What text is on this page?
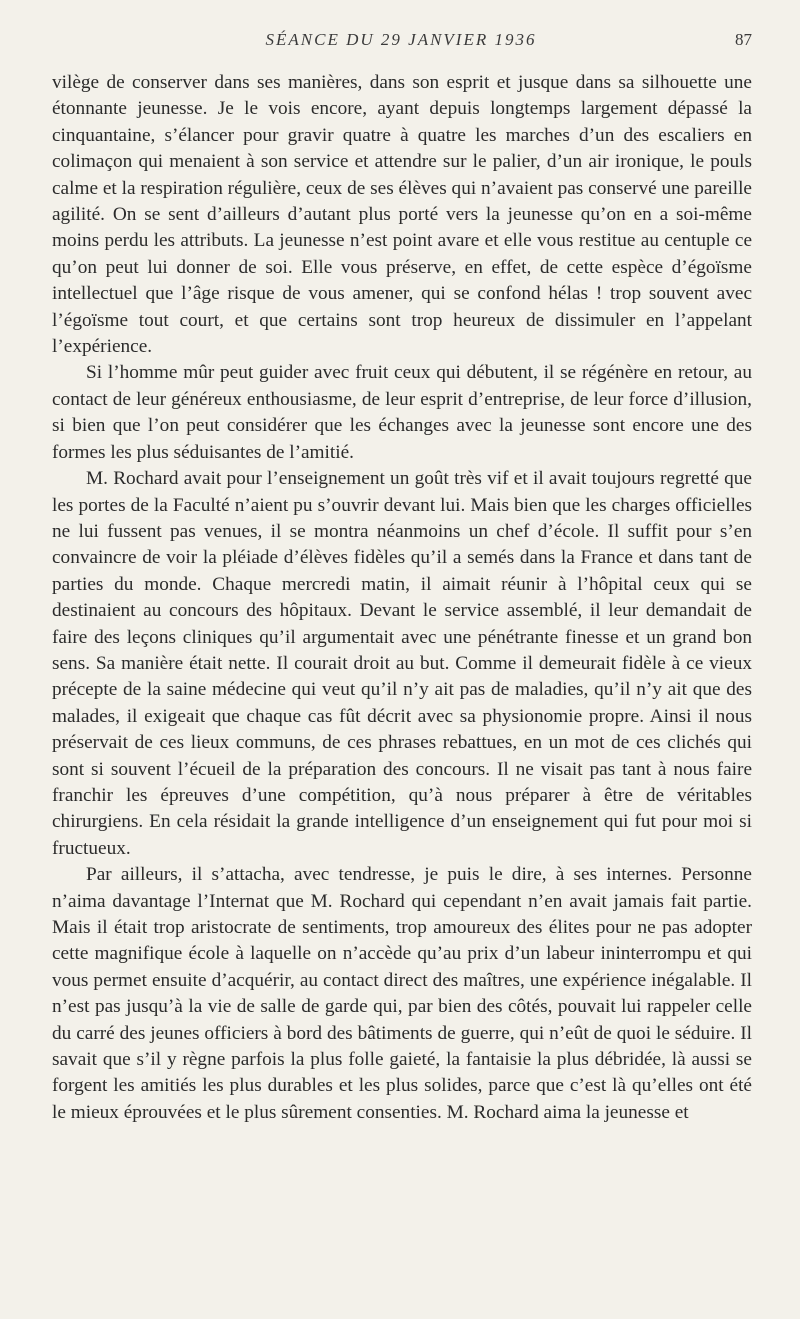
SÉANCE DU 29 JANVIER 1936	87

vilège de conserver dans ses manières, dans son esprit et jusque dans sa silhouette une étonnante jeunesse. Je le vois encore, ayant depuis longtemps largement dépassé la cinquantaine, s’élancer pour gravir quatre à quatre les marches d’un des escaliers en colimaçon qui menaient à son service et attendre sur le palier, d’un air ironique, le pouls calme et la respiration régulière, ceux de ses élèves qui n’avaient pas conservé une pareille agilité. On se sent d’ailleurs d’autant plus porté vers la jeunesse qu’on en a soi-même moins perdu les attributs. La jeunesse n’est point avare et elle vous restitue au centuple ce qu’on peut lui donner de soi. Elle vous préserve, en effet, de cette espèce d’égoïsme intellectuel que l’âge risque de vous amener, qui se confond hélas ! trop souvent avec l’égoïsme tout court, et que certains sont trop heureux de dissimuler en l’appelant l’expérience.

Si l’homme mûr peut guider avec fruit ceux qui débutent, il se régénère en retour, au contact de leur généreux enthousiasme, de leur esprit d’entreprise, de leur force d’illusion, si bien que l’on peut considérer que les échanges avec la jeunesse sont encore une des formes les plus séduisantes de l’amitié.

M. Rochard avait pour l’enseignement un goût très vif et il avait toujours regretté que les portes de la Faculté n’aient pu s’ouvrir devant lui. Mais bien que les charges officielles ne lui fussent pas venues, il se montra néanmoins un chef d’école. Il suffit pour s’en convaincre de voir la pléiade d’élèves fidèles qu’il a semés dans la France et dans tant de parties du monde. Chaque mercredi matin, il aimait réunir à l’hôpital ceux qui se destinaient au concours des hôpitaux. Devant le service assemblé, il leur demandait de faire des leçons cliniques qu’il argumentait avec une pénétrante finesse et un grand bon sens. Sa manière était nette. Il courait droit au but. Comme il demeurait fidèle à ce vieux précepte de la saine médecine qui veut qu’il n’y ait pas de maladies, qu’il n’y ait que des malades, il exigeait que chaque cas fût décrit avec sa physionomie propre. Ainsi il nous préservait de ces lieux communs, de ces phrases rebattues, en un mot de ces clichés qui sont si souvent l’écueil de la préparation des concours. Il ne visait pas tant à nous faire franchir les épreuves d’une compétition, qu’à nous préparer à être de véritables chirurgiens. En cela résidait la grande intelligence d’un enseignement qui fut pour moi si fructueux.

Par ailleurs, il s’attacha, avec tendresse, je puis le dire, à ses internes. Personne n’aima davantage l’Internat que M. Rochard qui cependant n’en avait jamais fait partie. Mais il était trop aristocrate de sentiments, trop amoureux des élites pour ne pas adopter cette magnifique école à laquelle on n’accède qu’au prix d’un labeur ininterrompu et qui vous permet ensuite d’acquérir, au contact direct des maîtres, une expérience inégalable. Il n’est pas jusqu’à la vie de salle de garde qui, par bien des côtés, pouvait lui rappeler celle du carré des jeunes officiers à bord des bâtiments de guerre, qui n’eût de quoi le séduire. Il savait que s’il y règne parfois la plus folle gaieté, la fantaisie la plus débridée, là aussi se forgent les amitiés les plus durables et les plus solides, parce que c’est là qu’elles ont été le mieux éprouvées et le plus sûrement consenties. M. Rochard aima la jeunesse et
